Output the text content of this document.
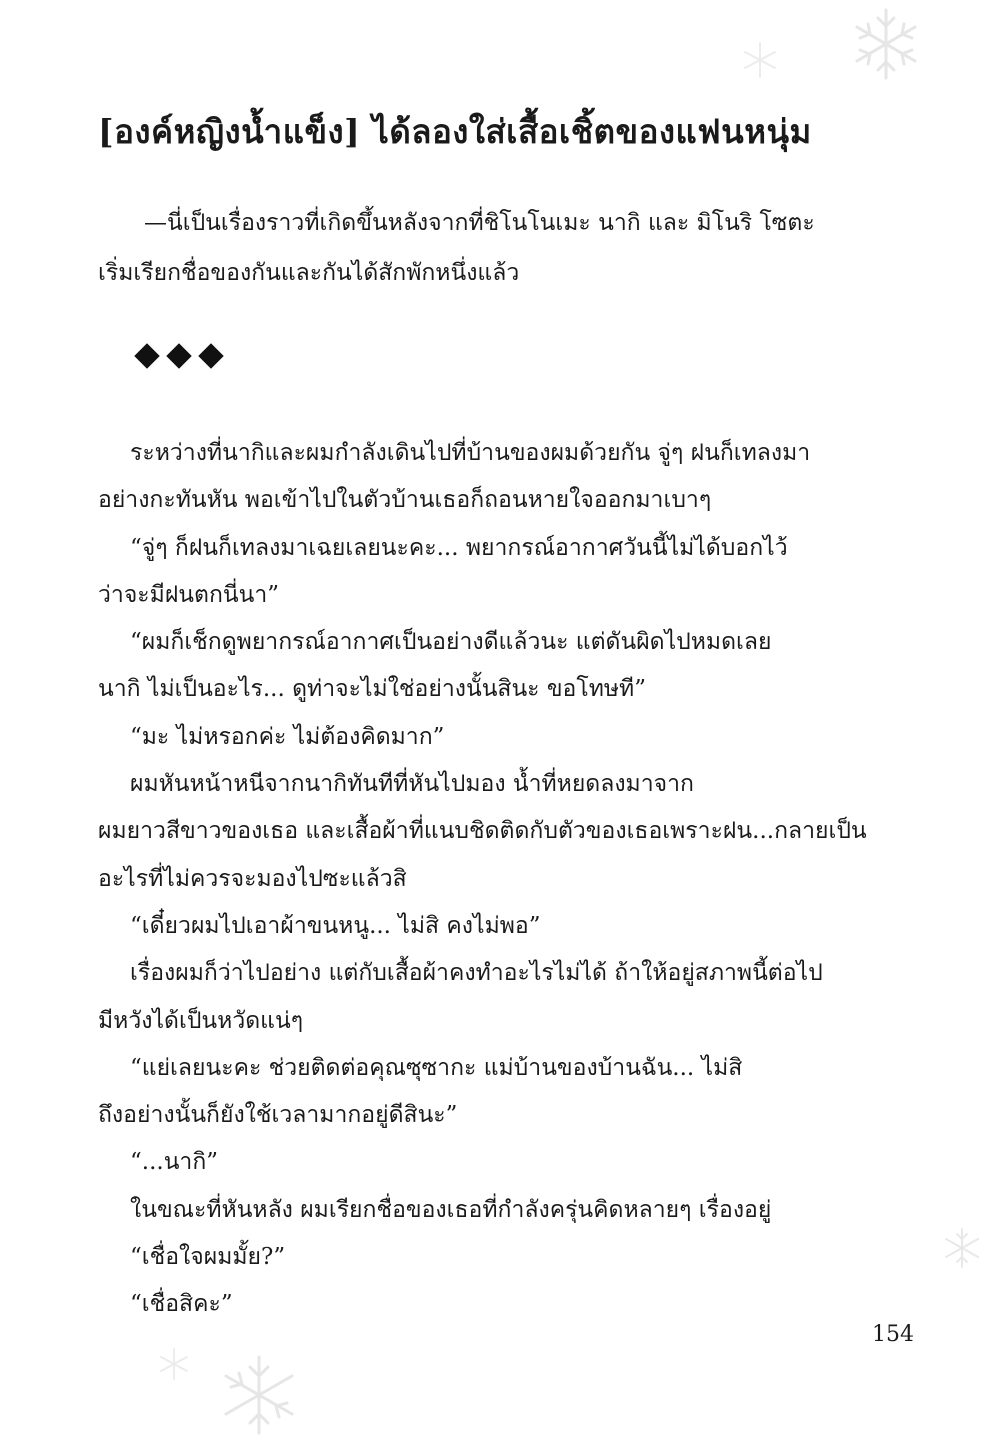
[องค์หญิงน้ำแข็ง] ได้ลองใส่เสื้อเชิ้ตของแฟนหนุ่ม

—นี่เป็นเรื่องราวที่เกิดขึ้นหลังจากที่ชิโนโนเมะ นากิ และ มิโนริ โซตะ

เริ่มเรียกชื่อของกันและกันได้สักพักหนึ่งแล้ว

ระหว่างที่นากิและผมกำลังเดินไปที่บ้านของผมด้วยกัน จู่ๆ ฝนก็เทลงมา

อย่างกะทันหัน พอเข้าไปในตัวบ้านเธอก็ถอนหายใจออกมาเบาๆ

“จู่ๆ ก็ฝนก็เทลงมาเฉยเลยนะคะ... พยากรณ์อากาศวันนี้ไม่ได้บอกไว้

ว่าจะมีฝนตกนี่นา”

“ผมก็เช็กดูพยากรณ์อากาศเป็นอย่างดีแล้วนะ แต่ดันผิดไปหมดเลย

นากิ ไม่เป็นอะไร... ดูท่าจะไม่ใช่อย่างนั้นสินะ ขอโทษที”

“มะ ไม่หรอกค่ะ ไม่ต้องคิดมาก”

ผมหันหน้าหนีจากนากิทันทีที่หันไปมอง น้ำที่หยดลงมาจาก

ผมยาวสีขาวของเธอ และเสื้อผ้าที่แนบชิดติดกับตัวของเธอเพราะฝน...กลายเป็น

อะไรที่ไม่ควรจะมองไปซะแล้วสิ

“เดี๋ยวผมไปเอาผ้าขนหนู... ไม่สิ คงไม่พอ”

เรื่องผมก็ว่าไปอย่าง แต่กับเสื้อผ้าคงทำอะไรไม่ได้ ถ้าให้อยู่สภาพนี้ต่อไป

มีหวังได้เป็นหวัดแน่ๆ

“แย่เลยนะคะ ช่วยติดต่อคุณซุซากะ แม่บ้านของบ้านฉัน... ไม่สิ

ถึงอย่างนั้นก็ยังใช้เวลามากอยู่ดีสินะ”

“...นากิ”

ในขณะที่หันหลัง ผมเรียกชื่อของเธอที่กำลังครุ่นคิดหลายๆ เรื่องอยู่

“เชื่อใจผมมั้ย?”

“เชื่อสิคะ”

154
